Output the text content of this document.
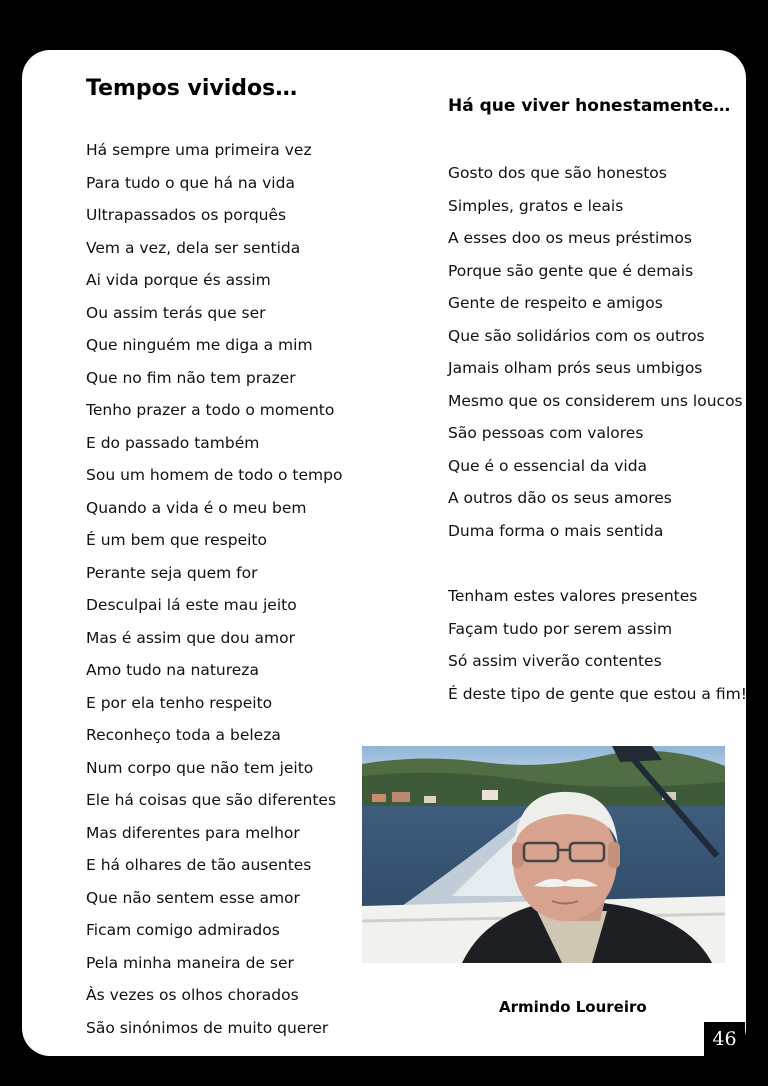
Tempos vividos…
Há sempre uma primeira vez
Para tudo o que há na vida
Ultrapassados os porquês
Vem a vez, dela ser sentida
Ai vida porque és assim
Ou assim terás que ser
Que ninguém me diga a mim
Que no fim não tem prazer
Tenho prazer a todo o momento
E do passado também
Sou um homem de todo o tempo
Quando a vida é o meu bem
É um bem que respeito
Perante seja quem for
Desculpai lá este mau jeito
Mas é assim que dou amor
Amo tudo na natureza
E por ela tenho respeito
Reconheço toda a beleza
Num corpo que não tem jeito
Ele há coisas que são diferentes
Mas diferentes para melhor
E há olhares de tão ausentes
Que não sentem esse amor
Ficam comigo admirados
Pela minha maneira de ser
Às vezes os olhos chorados
São sinónimos de muito querer
Há que viver honestamente…
Gosto dos que são honestos
Simples, gratos e leais
A esses doo os meus préstimos
Porque são gente que é demais
Gente de respeito e amigos
Que são solidários com os outros
Jamais olham prós seus umbigos
Mesmo que os considerem uns loucos
São pessoas com valores
Que é o essencial da vida
A outros dão os seus amores
Duma forma o mais sentida
Tenham estes valores presentes
Façam tudo por serem assim
Só assim viverão contentes
É deste tipo de gente que estou a fim!

Armindo Loureiro

46
